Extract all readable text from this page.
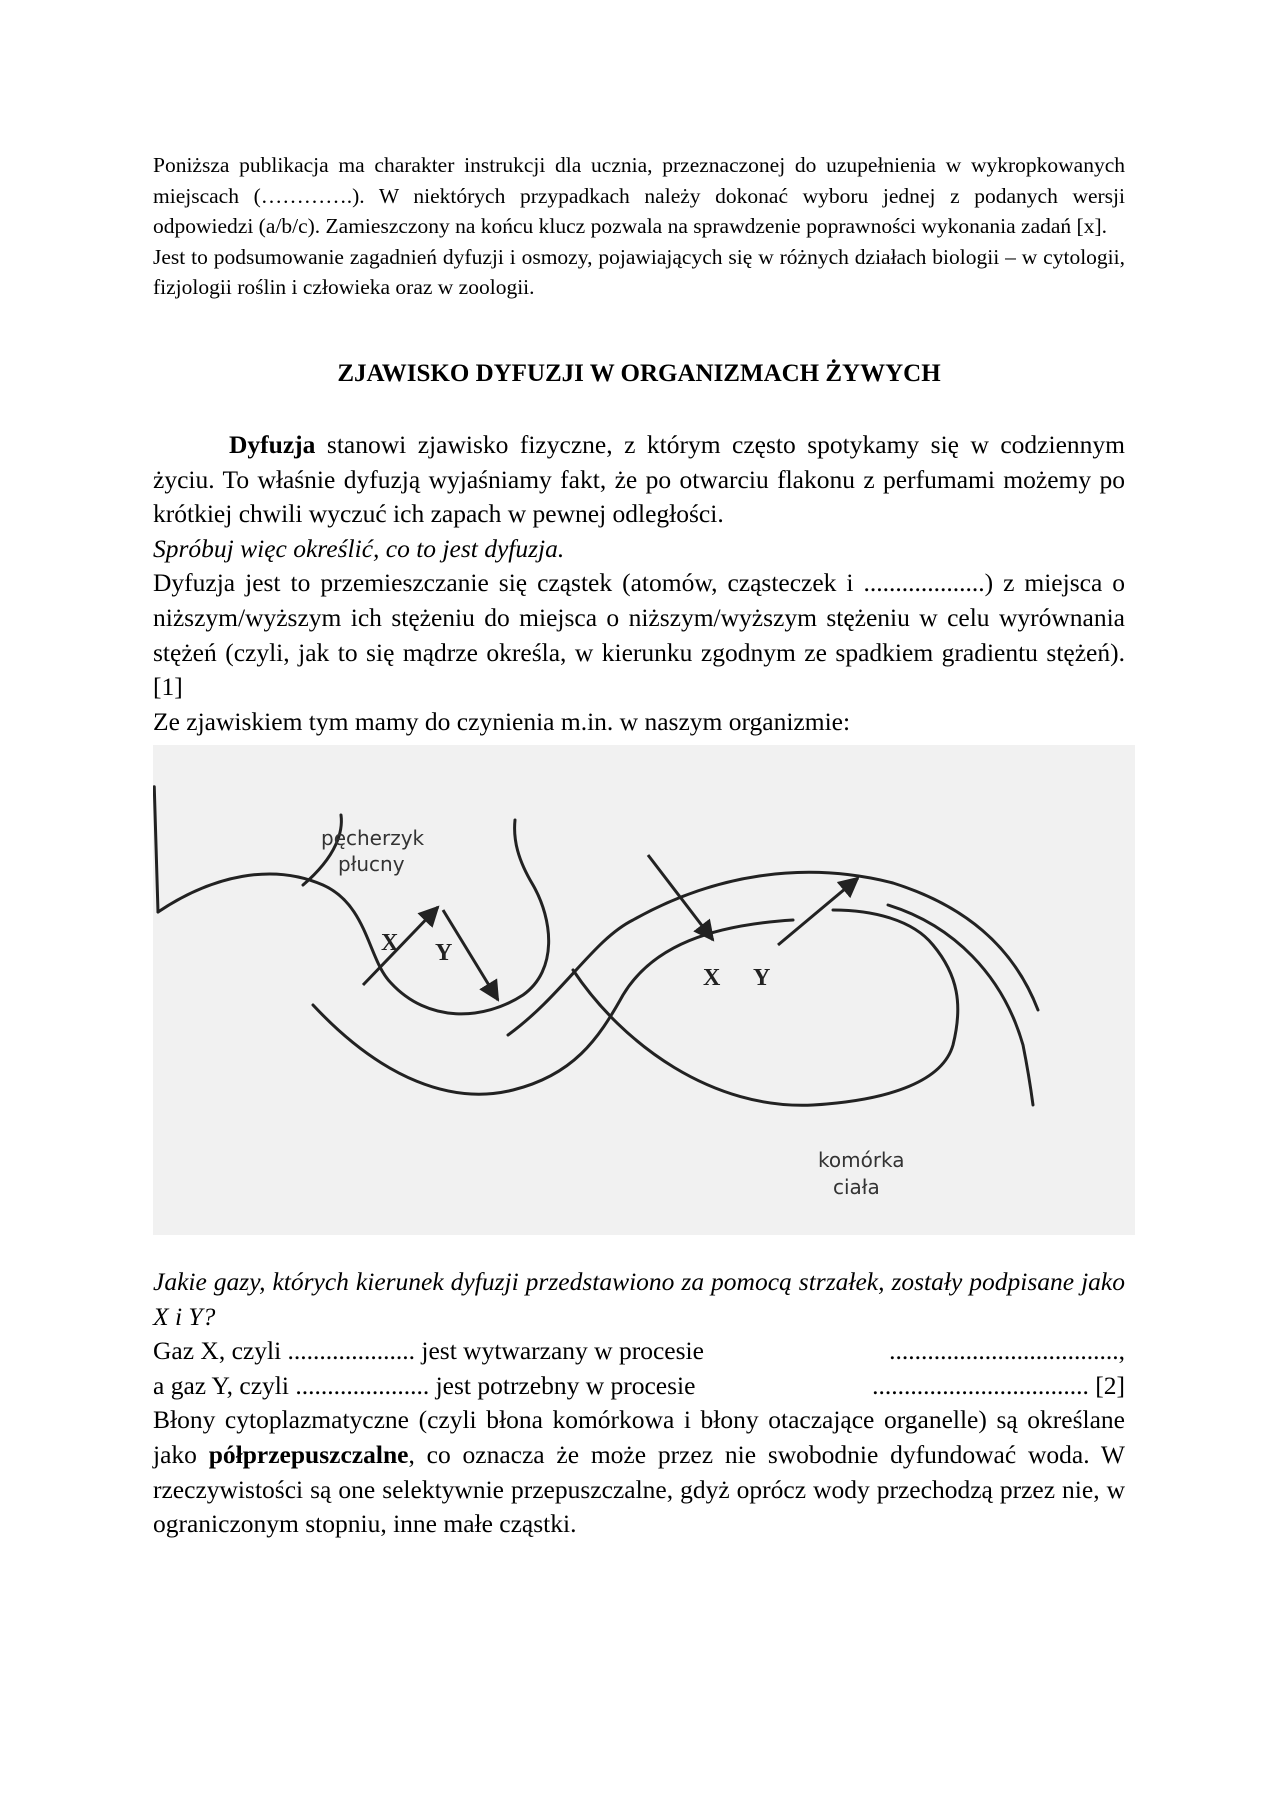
Poniższa publikacja ma charakter instrukcji dla ucznia, przeznaczonej do uzupełnienia w wykropkowanych miejscach (………….). W niektórych przypadkach należy dokonać wyboru jednej z podanych wersji odpowiedzi (a/b/c). Zamieszczony na końcu klucz pozwala na sprawdzenie poprawności wykonania zadań [x].

Jest to podsumowanie zagadnień dyfuzji i osmozy, pojawiających się w różnych działach biologii – w cytologii, fizjologii roślin i człowieka oraz w zoologii.

ZJAWISKO DYFUZJI W ORGANIZMACH ŻYWYCH

Dyfuzja stanowi zjawisko fizyczne, z którym często spotykamy się w codziennym życiu. To właśnie dyfuzją wyjaśniamy fakt, że po otwarciu flakonu z perfumami możemy po krótkiej chwili wyczuć ich zapach w pewnej odległości.

Spróbuj więc określić, co to jest dyfuzja.

Dyfuzja jest to przemieszczanie się cząstek (atomów, cząsteczek i ...................) z miejsca o niższym/wyższym ich stężeniu do miejsca o niższym/wyższym stężeniu w celu wyrównania stężeń (czyli, jak to się mądrze określa, w kierunku zgodnym ze spadkiem gradientu stężeń). [1]

Ze zjawiskiem tym mamy do czynienia m.in. w naszym organizmie:

pęcherzyk
płucny
komórka
ciała
X Y
X Y

Jakie gazy, których kierunek dyfuzji przedstawiono za pomocą strzałek, zostały podpisane jako X i Y?

Gaz X, czyli .................... jest wytwarzany w procesie	....................................,

a gaz Y, czyli ..................... jest potrzebny w procesie	.................................. [2]

Błony cytoplazmatyczne (czyli błona komórkowa i błony otaczające organelle) są określane jako półprzepuszczalne, co oznacza że może przez nie swobodnie dyfundować woda. W rzeczywistości są one selektywnie przepuszczalne, gdyż oprócz wody przechodzą przez nie, w ograniczonym stopniu, inne małe cząstki.
